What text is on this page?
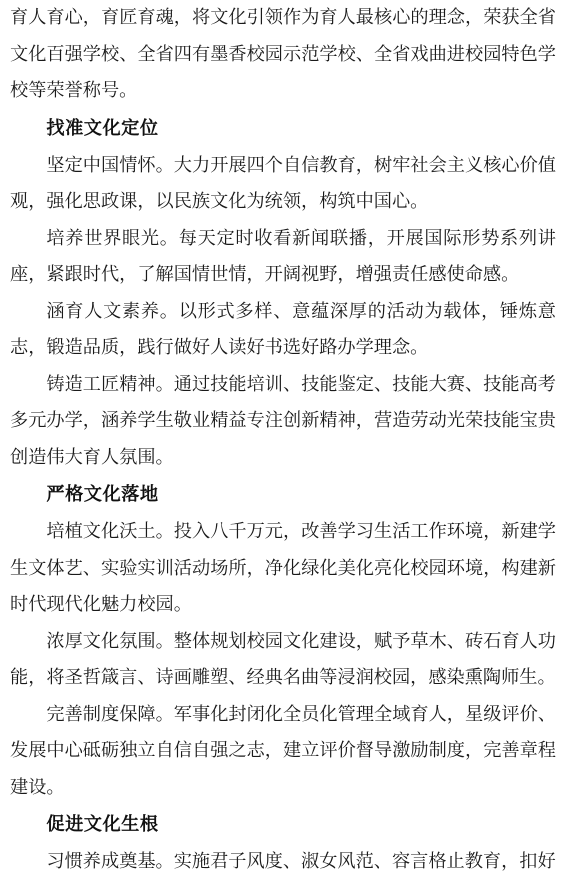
育人育心，育匠育魂，将文化引领作为育人最核心的理念，荣获全省文化百强学校、全省四有墨香校园示范学校、全省戏曲进校园特色学校等荣誉称号。

找准文化定位

坚定中国情怀。大力开展四个自信教育，树牢社会主义核心价值观，强化思政课，以民族文化为统领，构筑中国心。

培养世界眼光。每天定时收看新闻联播，开展国际形势系列讲座，紧跟时代，了解国情世情，开阔视野，增强责任感使命感。

涵育人文素养。以形式多样、意蕴深厚的活动为载体，锤炼意志，锻造品质，践行做好人读好书选好路办学理念。

铸造工匠精神。通过技能培训、技能鉴定、技能大赛、技能高考多元办学，涵养学生敬业精益专注创新精神，营造劳动光荣技能宝贵创造伟大育人氛围。

严格文化落地

培植文化沃土。投入八千万元，改善学习生活工作环境，新建学生文体艺、实验实训活动场所，净化绿化美化亮化校园环境，构建新时代现代化魅力校园。

浓厚文化氛围。整体规划校园文化建设，赋予草木、砖石育人功能，将圣哲箴言、诗画雕塑、经典名曲等浸润校园，感染熏陶师生。

完善制度保障。军事化封闭化全员化管理全域育人，星级评价、发展中心砥砺独立自信自强之志，建立评价督导激励制度，完善章程建设。

促进文化生根

习惯养成奠基。实施君子风度、淑女风范、容言格止教育，扣好
